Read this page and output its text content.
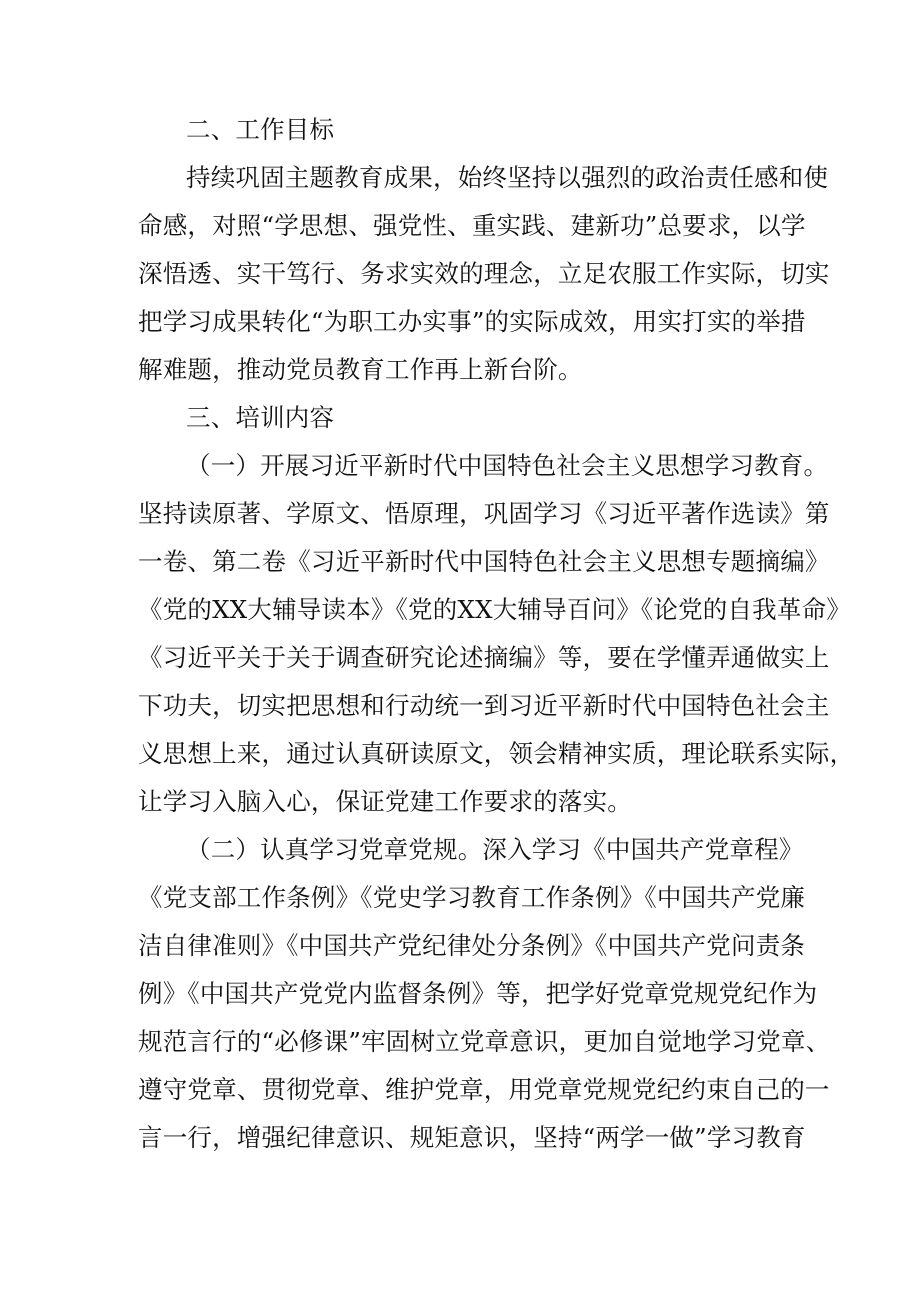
二、工作目标
持续巩固主题教育成果，始终坚持以强烈的政治责任感和使
命感，对照“学思想、强党性、重实践、建新功”总要求，以学
深悟透、实干笃行、务求实效的理念，立足农服工作实际，切实
把学习成果转化“为职工办实事”的实际成效，用实打实的举措
解难题，推动党员教育工作再上新台阶。
三、培训内容
（一）开展习近平新时代中国特色社会主义思想学习教育。
坚持读原著、学原文、悟原理，巩固学习《习近平著作选读》第
一卷、第二卷《习近平新时代中国特色社会主义思想专题摘编》
《党的XX大辅导读本》《党的XX大辅导百问》《论党的自我革命》
《习近平关于关于调查研究论述摘编》等，要在学懂弄通做实上
下功夫，切实把思想和行动统一到习近平新时代中国特色社会主
义思想上来，通过认真研读原文，领会精神实质，理论联系实际，
让学习入脑入心，保证党建工作要求的落实。
（二）认真学习党章党规。深入学习《中国共产党章程》
《党支部工作条例》《党史学习教育工作条例》《中国共产党廉
洁自律准则》《中国共产党纪律处分条例》《中国共产党问责条
例》《中国共产党党内监督条例》等，把学好党章党规党纪作为
规范言行的“必修课”牢固树立党章意识，更加自觉地学习党章、
遵守党章、贯彻党章、维护党章，用党章党规党纪约束自己的一
言一行，增强纪律意识、规矩意识，坚持“两学一做”学习教育
